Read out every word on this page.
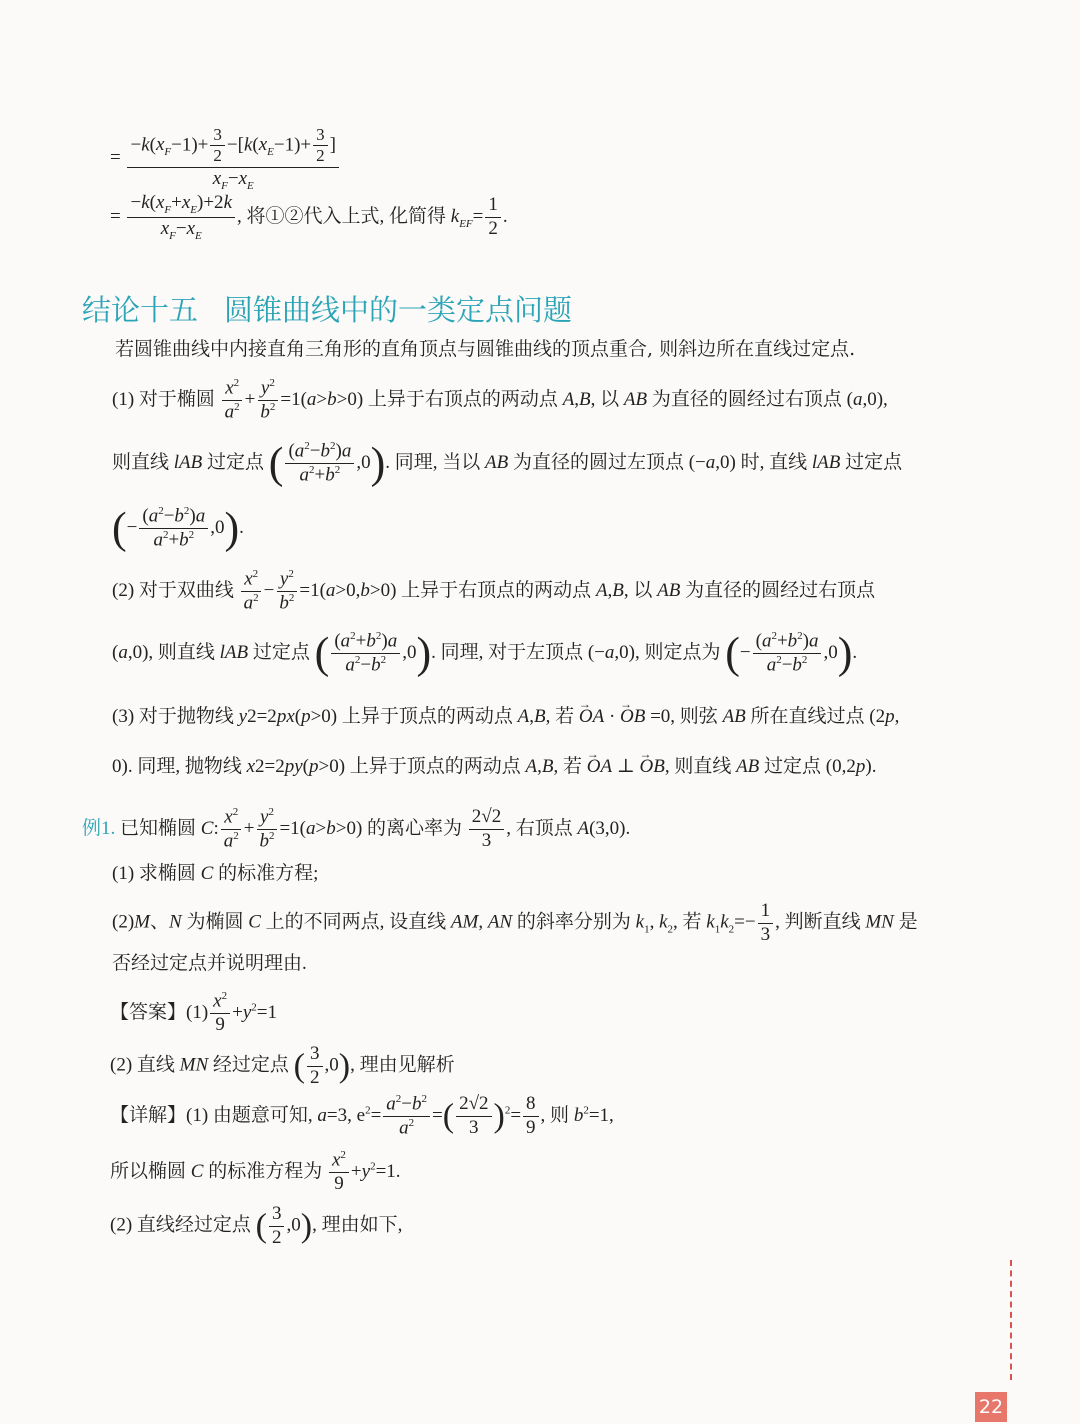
= $\frac{-k(x_F-1)+ \frac{3}{2} -[k(x_E-1)+ \frac{3}{2} ]}{x_F-x_E}$
= $\frac{-k(x_F+x_E)+2k}{x_F-x_E}$ , 将①②代入上式, 化简得 $k_{EF}= \frac{1}{2}$ .
结论十五 圆锥曲线中的一类定点问题
若圆锥曲线中内接直角三角形的直角顶点与圆锥曲线的顶点重合, 则斜边所在直线过定点.
(1) 对于椭圆 $\frac{x^2}{a^2} + \frac{y^2}{b^2} =1(a>b>0)$ 上异于右顶点的两动点 A,B, 以 AB 为直径的圆经过右顶点 (a,0),
则直线 lAB 过定点 ( $\frac{(a^2-b^2)a}{a^2+b^2} ,0$). 同理, 当以 AB 为直径的圆过左顶点 (−a,0) 时, 直线 lAB 过定点
(− $\frac{(a^2-b^2)a}{a^2+b^2} ,0$).
(2) 对于双曲线 $\frac{x^2}{a^2} - \frac{y^2}{b^2} =1(a>0,b>0)$ 上异于右顶点的两动点 A,B, 以 AB 为直径的圆经过右顶点
(a,0), 则直线 lAB 过定点 ( $\frac{(a^2+b^2)a}{a^2-b^2} ,0$). 同理, 对于左顶点 (−a,0), 则定点为 (− $\frac{(a^2+b^2)a}{a^2-b^2} ,0$).
(3) 对于抛物线 y2=2px(p>0) 上异于顶点的两动点 A,B, 若 → OA · → OB =0, 则弦 AB 所在直线过点 (2p,
0). 同理, 抛物线 x2=2py(p>0) 上异于顶点的两动点 A,B, 若 → OA ⊥ → OB, 则直线 AB 过定点 (0,2p).
例1. 已知椭圆 C: $\frac{x^2}{a^2} + \frac{y^2}{b^2} =1(a>b>0)$ 的离心率为 $\frac{2√2}{3}$ , 右顶点 A(3,0).
(1) 求椭圆 C 的标准方程;
(2)M、N 为椭圆 C 上的不同两点, 设直线 AM, AN 的斜率分别为 $k_1$, $k_2$, 若 $k_1k_2=- \frac{1}{3}$ , 判断直线 MN 是
否经过定点并说明理由.
【答案】$(1) \frac{x^2}{9} +y^2=1$
(2) 直线 MN 经过定点 ( $\frac{3}{2} ,0$), 理由见解析
【详解】(1) 由题意可知, a=3, $e^2= \frac{a^2-b^2}{a^2}$ =( $\frac{2√2}{3} )^2= \frac{8}{9}$ , 则 $b^2=1$,
所以椭圆 C 的标准方程为 $\frac{x^2}{9} +y^2=1$.
(2) 直线经过定点 ( $\frac{3}{2} ,0$), 理由如下,
22
